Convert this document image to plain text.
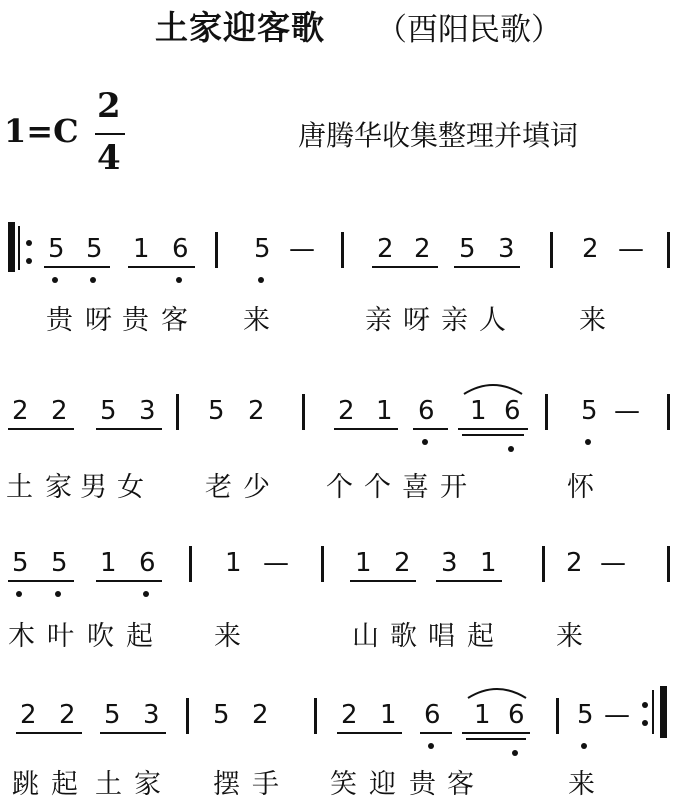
土家迎客歌 （酉阳民歌）
1=C
2
4
唐腾华收集整理并填词
5 5 1 6	5 — 2 2 5 3	2 —
贵 呀 贵 客 来	亲 呀 亲 人	来
2 2 5 3 5 2	2 1 6 1 6 5 —
土 家 男 女 老 少 个 个 喜 开	怀
5 5 1 6	1 —	1 2 3 1	2 —
木 叶 吹 起 来	山 歌 唱 起 来
2 2 5 3 5 2	2 1 6 1 6 5 —
跳 起 土 家 摆 手 笑 迎 贵 客	来
